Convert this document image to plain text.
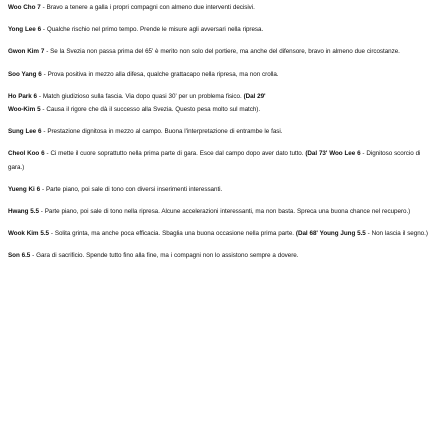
Woo Cho 7 - Bravo a tenere a galla i propri compagni con almeno due interventi decisivi.

Yong Lee 6 - Qualche rischio nel primo tempo. Prende le misure agli avversari nella ripresa.

Gwon Kim 7 - Se la Svezia non passa prima del 65' è merito non solo del portiere, ma anche del difensore, bravo in almeno due circostanze.

Soo Yang 6 - Prova positiva in mezzo alla difesa, qualche grattacapo nella ripresa, ma non crolla.

Ho Park 6 - Match giudizioso sulla fascia. Via dopo quasi 30' per un problema fisico. (Dal 29'

Woo-Kim 5 - Causa il rigore che dà il successo alla Svezia. Questo pesa molto sul match).

Sung Lee 6 - Prestazione dignitosa in mezzo al campo. Buona l'interpretazione di entrambe le fasi.

Cheol Koo 6 - Ci mette il cuore soprattutto nella prima parte di gara. Esce dal campo dopo aver dato tutto. (Dal 73' Woo Lee 6 - Dignitoso scorcio di gara.)

Yueng Ki 6 - Parte piano, poi sale di tono con diversi inserimenti interessanti.

Hwang 5.5 - Parte piano, poi sale di tono nella ripresa. Alcune accelerazioni interessanti, ma non basta. Spreca una buona chance nel recupero.)

Wook Kim 5.5 - Solita grinta, ma anche poca efficacia. Sbaglia una buona occasione nella prima parte. (Dal 68' Young Jung 5.5 - Non lascia il segno.)

Son 6.5 - Gara di sacrificio. Spende tutto fino alla fine, ma i compagni non lo assistono sempre a dovere.
